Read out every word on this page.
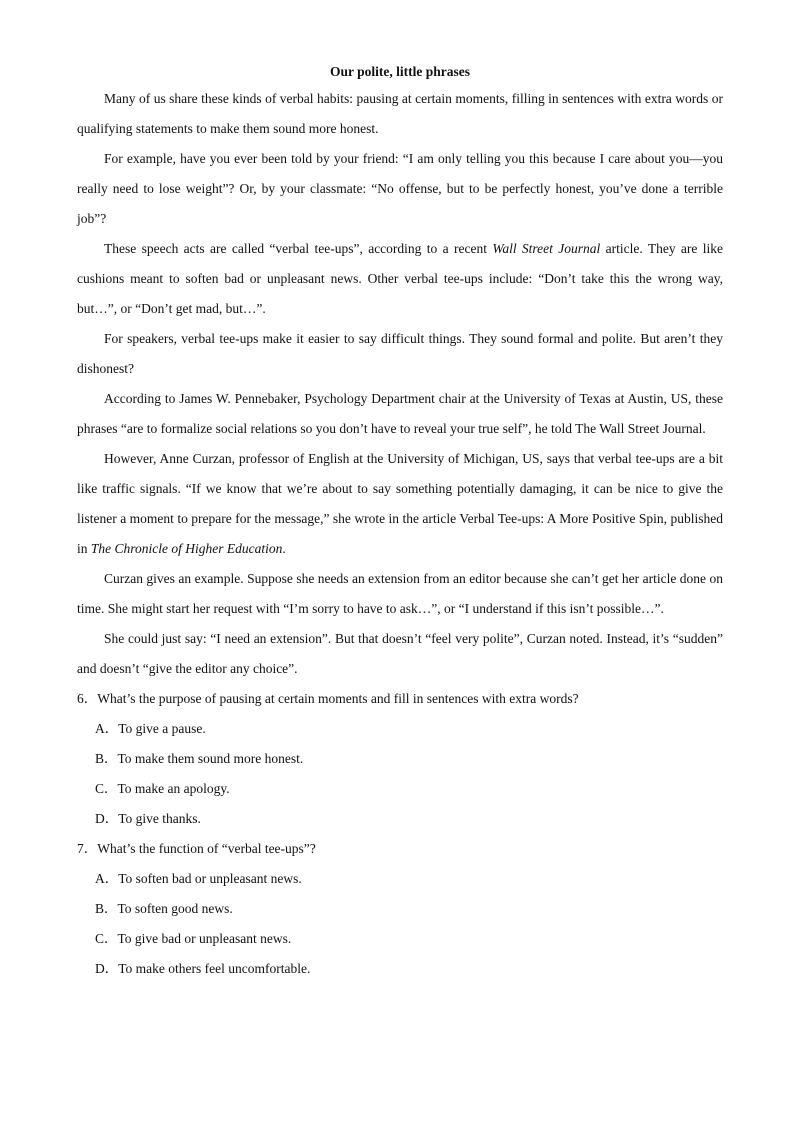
Our polite, little phrases

Many of us share these kinds of verbal habits: pausing at certain moments, filling in sentences with extra words or qualifying statements to make them sound more honest.

For example, have you ever been told by your friend: “I am only telling you this because I care about you—you really need to lose weight”? Or, by your classmate: “No offense, but to be perfectly honest, you’ve done a terrible job”?

These speech acts are called “verbal tee-ups”, according to a recent Wall Street Journal article. They are like cushions meant to soften bad or unpleasant news. Other verbal tee-ups include: “Don’t take this the wrong way, but…”, or “Don’t get mad, but…”.

For speakers, verbal tee-ups make it easier to say difficult things. They sound formal and polite. But aren’t they dishonest?

According to James W. Pennebaker, Psychology Department chair at the University of Texas at Austin, US, these phrases “are to formalize social relations so you don’t have to reveal your true self”, he told The Wall Street Journal.

However, Anne Curzan, professor of English at the University of Michigan, US, says that verbal tee-ups are a bit like traffic signals. “If we know that we’re about to say something potentially damaging, it can be nice to give the listener a moment to prepare for the message,” she wrote in the article Verbal Tee-ups: A More Positive Spin, published in The Chronicle of Higher Education.

Curzan gives an example. Suppose she needs an extension from an editor because she can’t get her article done on time. She might start her request with “I’m sorry to have to ask…”, or “I understand if this isn’t possible…”.

She could just say: “I need an extension”. But that doesn’t “feel very polite”, Curzan noted. Instead, it’s “sudden” and doesn’t “give the editor any choice”.

6．What’s the purpose of pausing at certain moments and fill in sentences with extra words?

A．To give a pause.

B．To make them sound more honest.

C．To make an apology.

D．To give thanks.

7．What’s the function of “verbal tee-ups”?

A．To soften bad or unpleasant news.

B．To soften good news.

C．To give bad or unpleasant news.

D．To make others feel uncomfortable.
